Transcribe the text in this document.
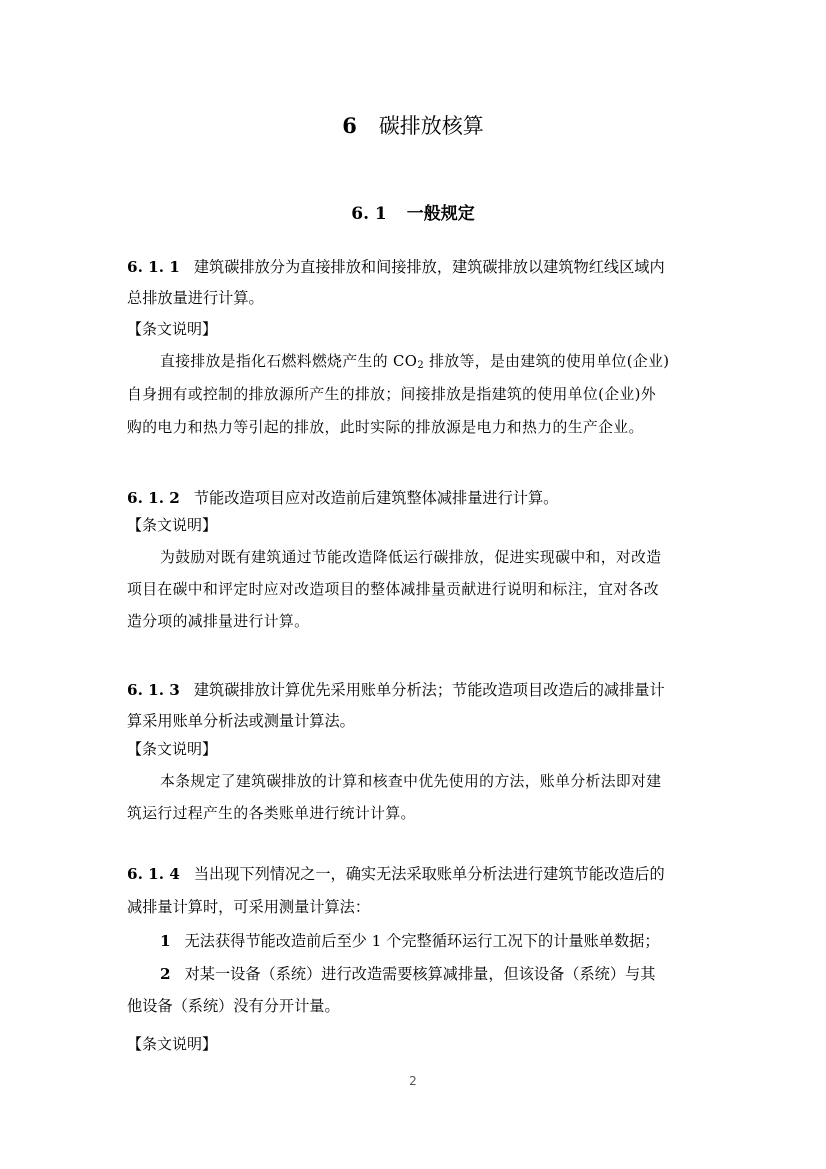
6 碳排放核算
6. 1 一般规定
6. 1. 1 建筑碳排放分为直接排放和间接排放，建筑碳排放以建筑物红线区域内
总排放量进行计算。
【条文说明】
直接排放是指化石燃料燃烧产生的 $CO_2$ 排放等，是由建筑的使用单位(企业)
自身拥有或控制的排放源所产生的排放；间接排放是指建筑的使用单位(企业)外
购的电力和热力等引起的排放，此时实际的排放源是电力和热力的生产企业。
6. 1. 2 节能改造项目应对改造前后建筑整体减排量进行计算。
【条文说明】
为鼓励对既有建筑通过节能改造降低运行碳排放，促进实现碳中和，对改造
项目在碳中和评定时应对改造项目的整体减排量贡献进行说明和标注，宜对各改
造分项的减排量进行计算。
6. 1. 3 建筑碳排放计算优先采用账单分析法；节能改造项目改造后的减排量计
算采用账单分析法或测量计算法。
【条文说明】
本条规定了建筑碳排放的计算和核查中优先使用的方法，账单分析法即对建
筑运行过程产生的各类账单进行统计计算。
6. 1. 4 当出现下列情况之一，确实无法采取账单分析法进行建筑节能改造后的
减排量计算时，可采用测量计算法：
1 无法获得节能改造前后至少 1 个完整循环运行工况下的计量账单数据；
2 对某一设备（系统）进行改造需要核算减排量，但该设备（系统）与其
他设备（系统）没有分开计量。
【条文说明】
2
